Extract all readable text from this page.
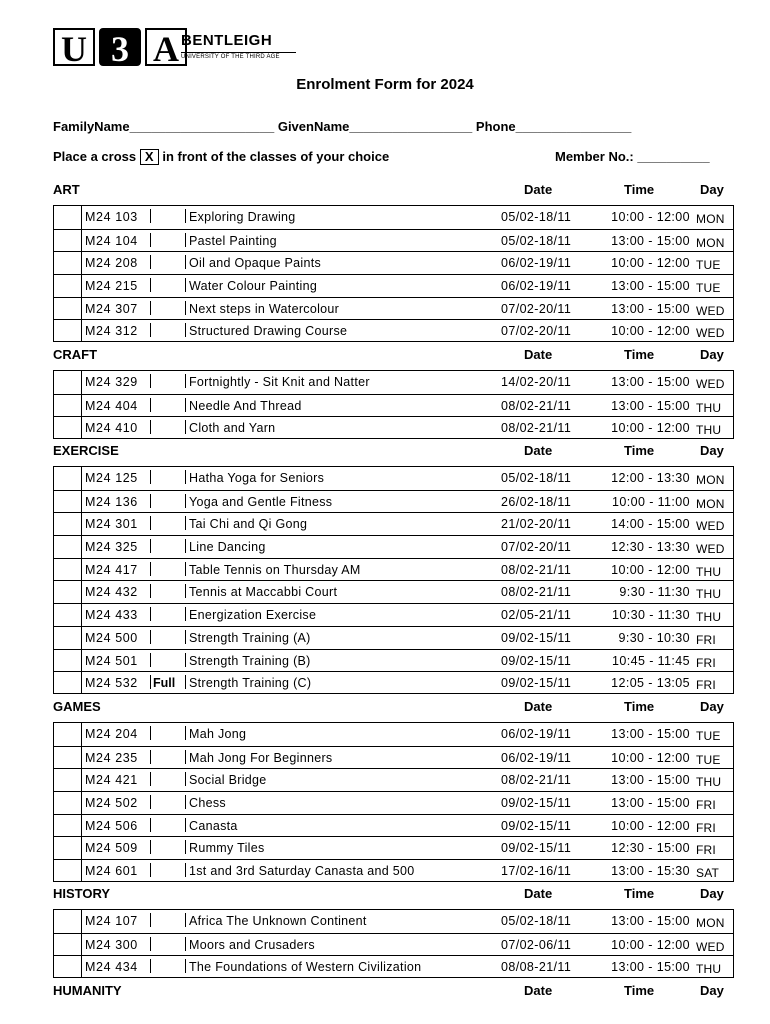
U 3 A BENTLEIGH
UNIVERSITY OF THE THIRD AGE
Enrolment Form for 2024
FamilyName____________________ GivenName_________________ Phone________________
Place a cross X in front of the classes of your choice	Member No.: __________
ART	Date	Time	Day
M24 103	Exploring Drawing	05/02-18/11	10:00 - 12:00 MON
M24 104	Pastel Painting	05/02-18/11	13:00 - 15:00 MON
M24 208	Oil and Opaque Paints	06/02-19/11	10:00 - 12:00 TUE
M24 215	Water Colour Painting	06/02-19/11	13:00 - 15:00 TUE
M24 307	Next steps in Watercolour	07/02-20/11	13:00 - 15:00 WED
M24 312	Structured Drawing Course	07/02-20/11	10:00 - 12:00 WED
CRAFT	Date	Time	Day
M24 329	Fortnightly - Sit Knit and Natter	14/02-20/11	13:00 - 15:00 WED
M24 404	Needle And Thread	08/02-21/11	13:00 - 15:00 THU
M24 410	Cloth and Yarn	08/02-21/11	10:00 - 12:00 THU
EXERCISE	Date	Time	Day
M24 125	Hatha Yoga for Seniors	05/02-18/11	12:00 - 13:30 MON
M24 136	Yoga and Gentle Fitness	26/02-18/11	10:00 - 11:00 MON
M24 301	Tai Chi and Qi Gong	21/02-20/11	14:00 - 15:00 WED
M24 325	Line Dancing	07/02-20/11	12:30 - 13:30 WED
M24 417	Table Tennis on Thursday AM	08/02-21/11	10:00 - 12:00 THU
M24 432	Tennis at Maccabbi Court	08/02-21/11	9:30 - 11:30 THU
M24 433	Energization Exercise	02/05-21/11	10:30 - 11:30 THU
M24 500	Strength Training (A)	09/02-15/11	9:30 - 10:30 FRI
M24 501	Strength Training (B)	09/02-15/11	10:45 - 11:45 FRI
M24 532 Full Strength Training (C)	09/02-15/11	12:05 - 13:05 FRI
GAMES	Date	Time	Day
M24 204	Mah Jong	06/02-19/11	13:00 - 15:00 TUE
M24 235	Mah Jong For Beginners	06/02-19/11	10:00 - 12:00 TUE
M24 421	Social Bridge	08/02-21/11	13:00 - 15:00 THU
M24 502	Chess	09/02-15/11	13:00 - 15:00 FRI
M24 506	Canasta	09/02-15/11	10:00 - 12:00 FRI
M24 509	Rummy Tiles	09/02-15/11	12:30 - 15:00 FRI
M24 601	1st and 3rd Saturday Canasta and 500	17/02-16/11	13:00 - 15:30 SAT
HISTORY	Date	Time	Day
M24 107	Africa The Unknown Continent	05/02-18/11	13:00 - 15:00 MON
M24 300	Moors and Crusaders	07/02-06/11	10:00 - 12:00 WED
M24 434	The Foundations of Western Civilization	08/08-21/11	13:00 - 15:00 THU
HUMANITY	Date	Time	Day
